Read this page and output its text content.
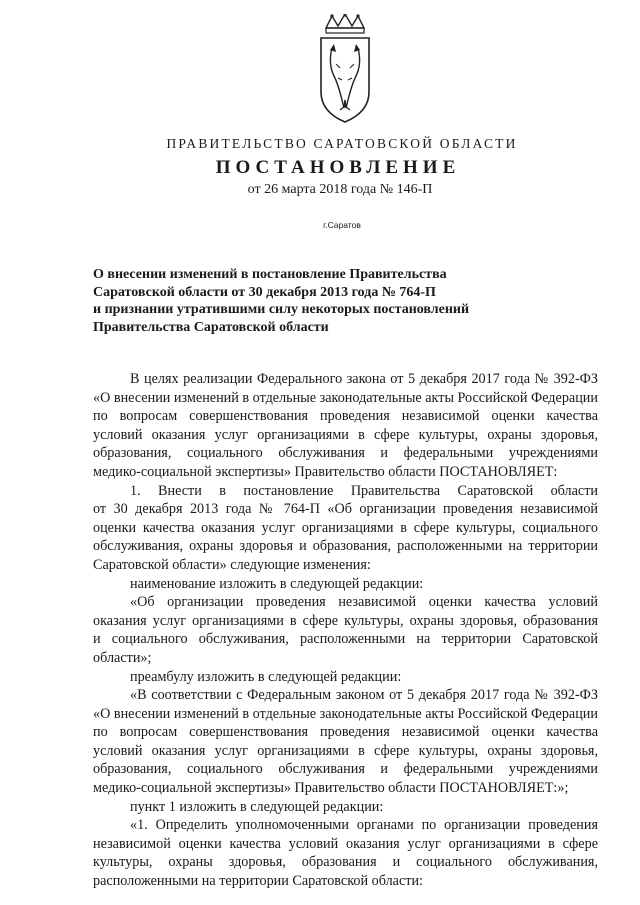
ПРАВИТЕЛЬСТВО САРАТОВСКОЙ ОБЛАСТИ
ПОСТАНОВЛЕНИЕ
от 26 марта 2018 года № 146-П
г.Саратов
О внесении изменений в постановление Правительства
Саратовской области от 30 декабря 2013 года № 764-П
и признании утратившими силу некоторых постановлений
Правительства Саратовской области
В целях реализации Федерального закона от 5 декабря 2017 года № 392-ФЗ
«О внесении изменений в отдельные законодательные акты Российской Федерации
по вопросам совершенствования проведения независимой оценки качества
условий оказания услуг организациями в сфере культуры, охраны здоровья,
образования, социального обслуживания и федеральными учреждениями
медико-социальной экспертизы» Правительство области ПОСТАНОВЛЯЕТ:
1. Внести в постановление Правительства Саратовской области
от 30 декабря 2013 года № 764-П «Об организации проведения независимой
оценки качества оказания услуг организациями в сфере культуры, социального
обслуживания, охраны здоровья и образования, расположенными на территории
Саратовской области» следующие изменения:
наименование изложить в следующей редакции:
«Об организации проведения независимой оценки качества условий
оказания услуг организациями в сфере культуры, охраны здоровья, образования
и социального обслуживания, расположенными на территории Саратовской
области»;
преамбулу изложить в следующей редакции:
«В соответствии с Федеральным законом от 5 декабря 2017 года № 392-ФЗ
«О внесении изменений в отдельные законодательные акты Российской Федерации
по вопросам совершенствования проведения независимой оценки качества
условий оказания услуг организациями в сфере культуры, охраны здоровья,
образования, социального обслуживания и федеральными учреждениями
медико-социальной экспертизы» Правительство области ПОСТАНОВЛЯЕТ:»;
пункт 1 изложить в следующей редакции:
«1. Определить уполномоченными органами по организации проведения
независимой оценки качества условий оказания услуг организациями в сфере
культуры, охраны здоровья, образования и социального обслуживания,
расположенными на территории Саратовской области:
